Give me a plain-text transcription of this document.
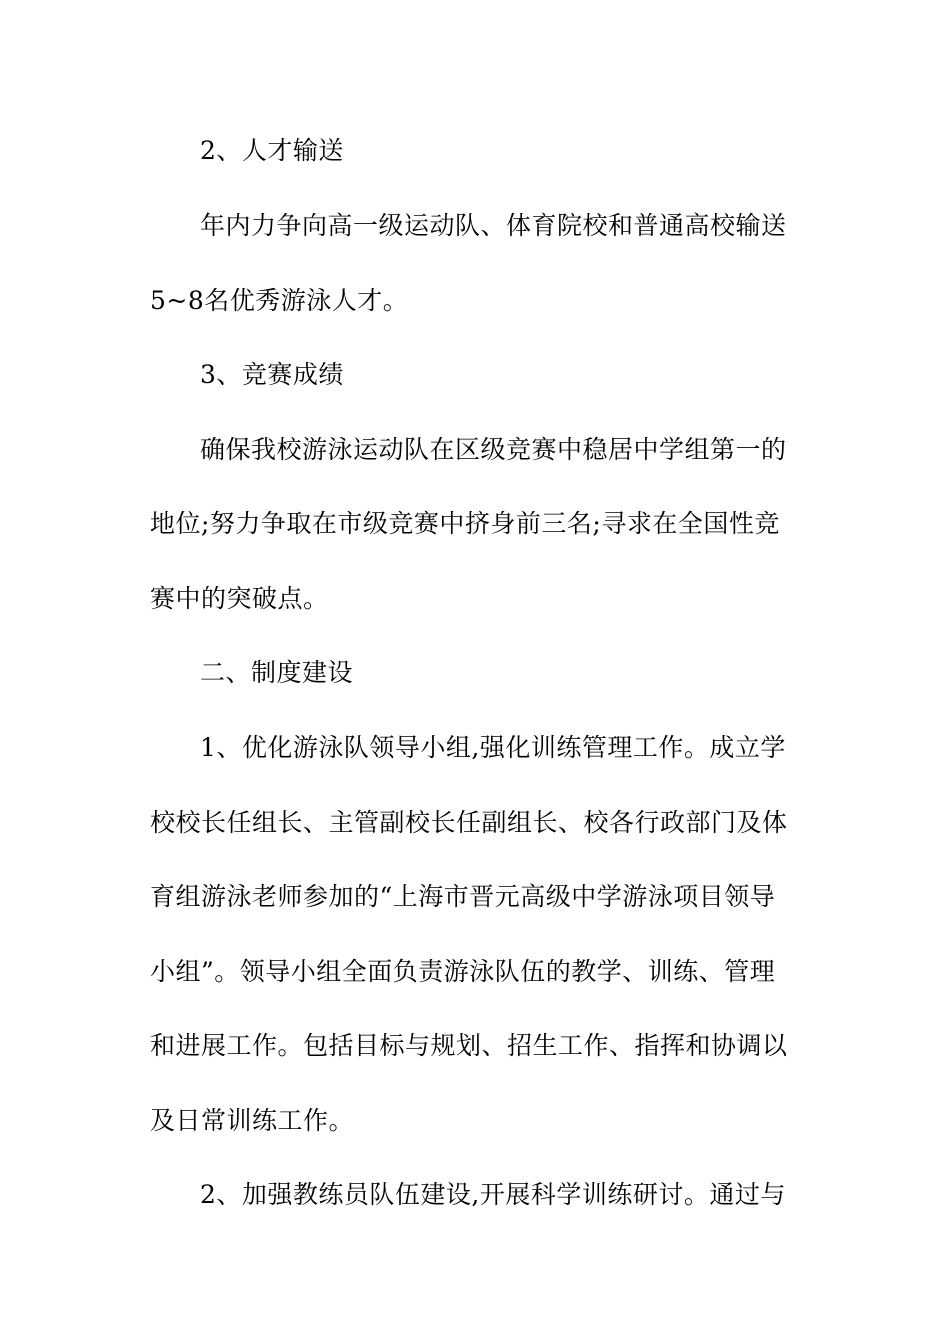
2、人才输送
年内力争向高一级运动队、体育院校和普通高校输送
5~8名优秀游泳人才。
3、竞赛成绩
确保我校游泳运动队在区级竞赛中稳居中学组第一的
地位;努力争取在市级竞赛中挤身前三名;寻求在全国性竞
赛中的突破点。
二、制度建设
1、优化游泳队领导小组,强化训练管理工作。成立学
校校长任组长、主管副校长任副组长、校各行政部门及体
育组游泳老师参加的“上海市晋元高级中学游泳项目领导
小组”。领导小组全面负责游泳队伍的教学、训练、管理
和进展工作。包括目标与规划、招生工作、指挥和协调以
及日常训练工作。
2、加强教练员队伍建设,开展科学训练研讨。通过与
